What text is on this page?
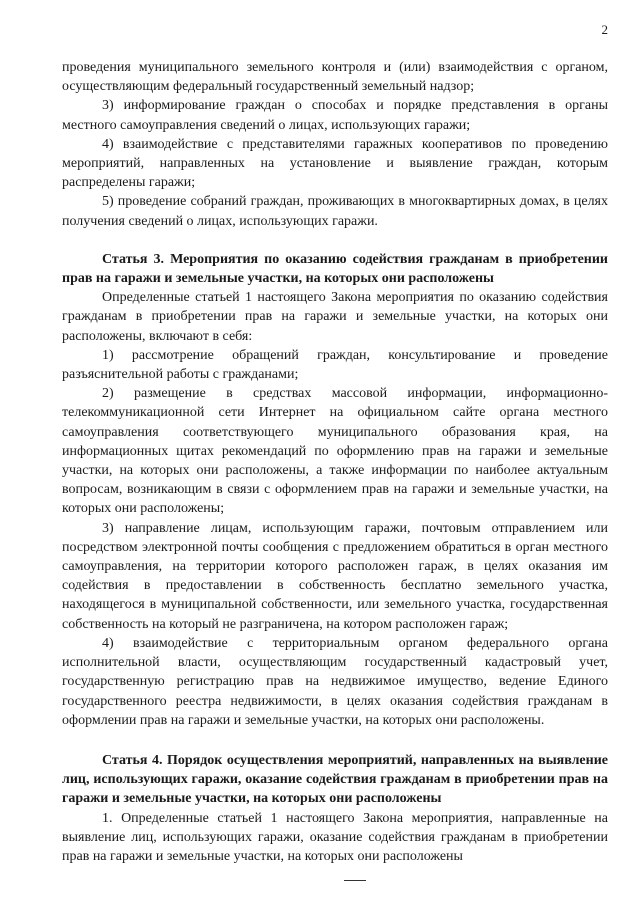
2

проведения муниципального земельного контроля и (или) взаимодействия с органом, осуществляющим федеральный государственный земельный надзор;

3) информирование граждан о способах и порядке представления в органы местного самоуправления сведений о лицах, использующих гаражи;

4) взаимодействие с представителями гаражных кооперативов по проведению мероприятий, направленных на установление и выявление граждан, которым распределены гаражи;

5) проведение собраний граждан, проживающих в многоквартирных домах, в целях получения сведений о лицах, использующих гаражи.

Статья 3. Мероприятия по оказанию содействия гражданам в приобретении прав на гаражи и земельные участки, на которых они расположены

Определенные статьей 1 настоящего Закона мероприятия по оказанию содействия гражданам в приобретении прав на гаражи и земельные участки, на которых они расположены, включают в себя:

1) рассмотрение обращений граждан, консультирование и проведение разъяснительной работы с гражданами;

2) размещение в средствах массовой информации, информационно-телекоммуникационной сети Интернет на официальном сайте органа местного самоуправления соответствующего муниципального образования края, на информационных щитах рекомендаций по оформлению прав на гаражи и земельные участки, на которых они расположены, а также информации по наиболее актуальным вопросам, возникающим в связи с оформлением прав на гаражи и земельные участки, на которых они расположены;

3) направление лицам, использующим гаражи, почтовым отправлением или посредством электронной почты сообщения с предложением обратиться в орган местного самоуправления, на территории которого расположен гараж, в целях оказания им содействия в предоставлении в собственность бесплатно земельного участка, находящегося в муниципальной собственности, или земельного участка, государственная собственность на который не разграничена, на котором расположен гараж;

4) взаимодействие с территориальным органом федерального органа исполнительной власти, осуществляющим государственный кадастровый учет, государственную регистрацию прав на недвижимое имущество, ведение Единого государственного реестра недвижимости, в целях оказания содействия гражданам в оформлении прав на гаражи и земельные участки, на которых они расположены.

Статья 4. Порядок осуществления мероприятий, направленных на выявление лиц, использующих гаражи, оказание содействия гражданам в приобретении прав на гаражи и земельные участки, на которых они расположены

1. Определенные статьей 1 настоящего Закона мероприятия, направленные на выявление лиц, использующих гаражи, оказание содействия гражданам в приобретении прав на гаражи и земельные участки, на которых они расположены
